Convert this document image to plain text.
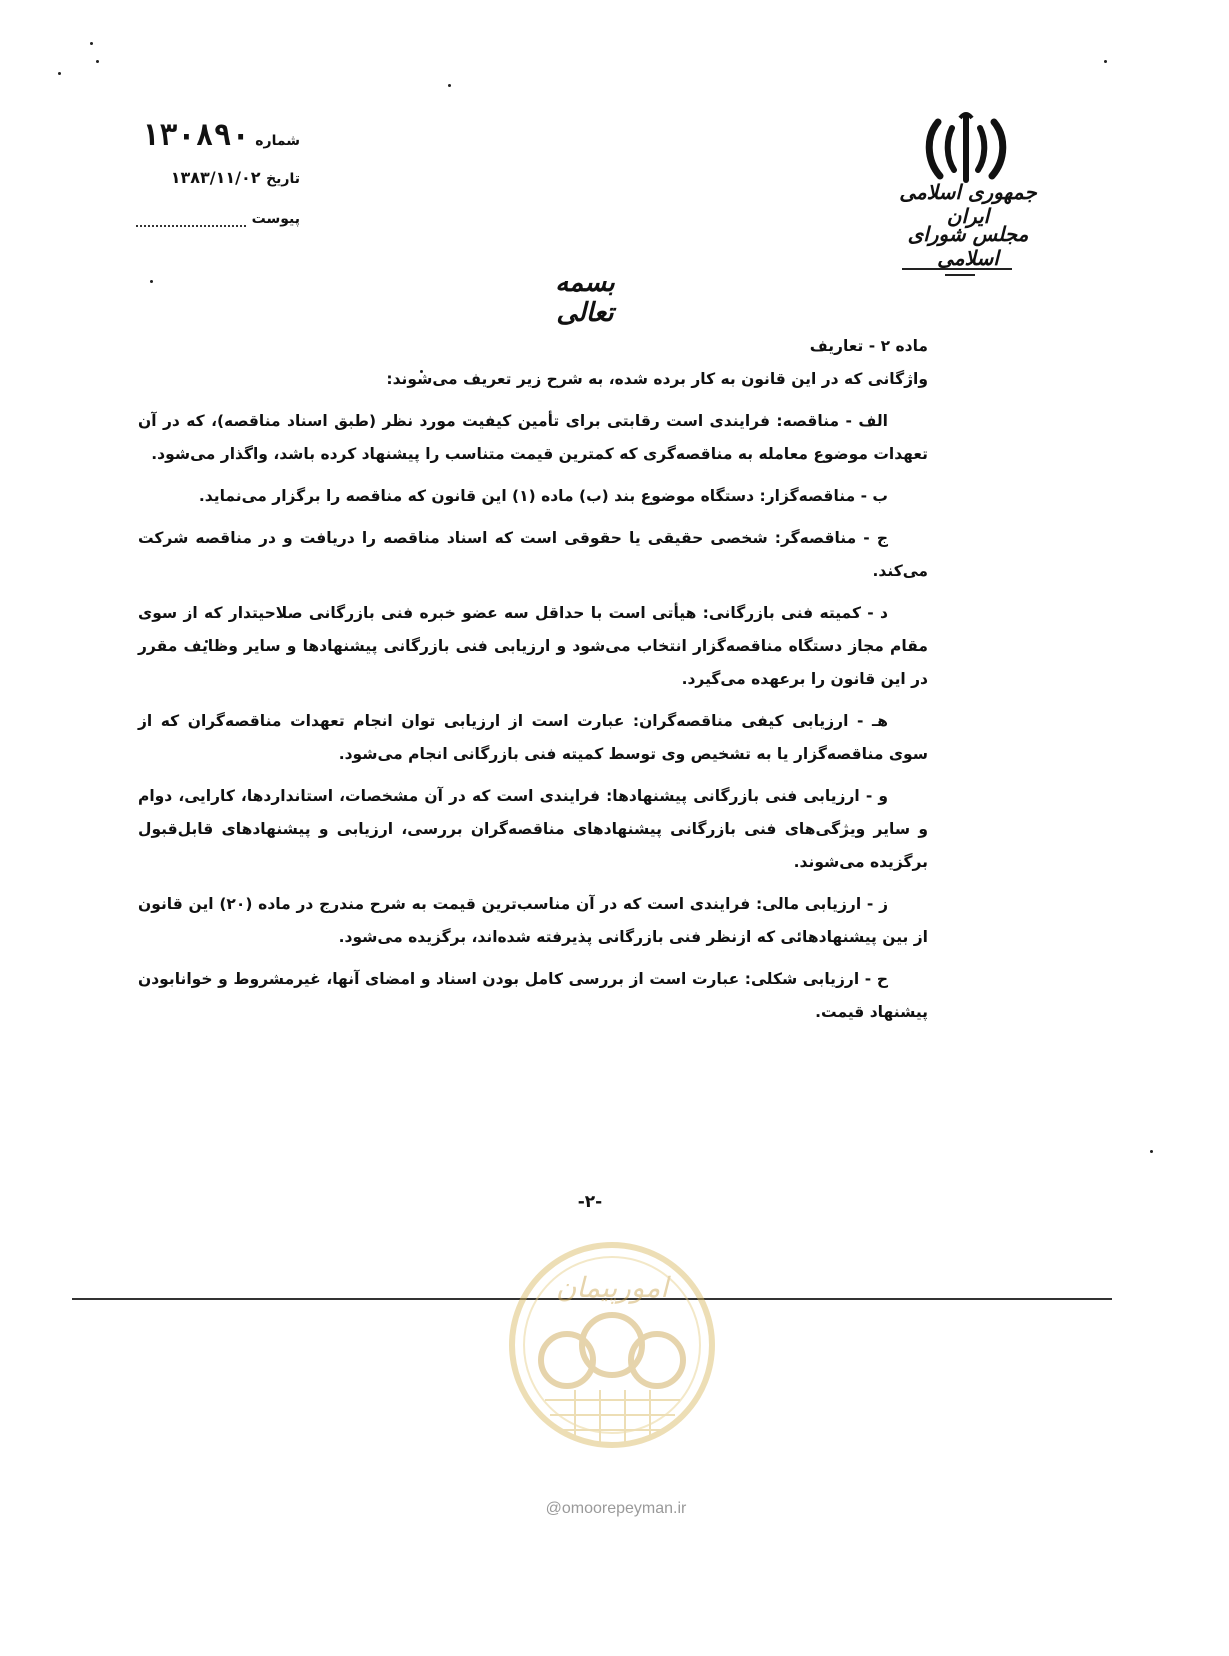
جمهوری اسلامی ایران
مجلس شورای اسلامی
شماره ۱۳۰۸۹۰
تاریخ ۱۳۸۳/۱۱/۰۲
پیوست
بسمه تعالی

ماده ۲ - تعاریف

واژگانی که در این قانون به کار برده شده، به شرح زیر تعریف می‌شوند:

الف - مناقصه: فرایندی است رقابتی برای تأمین کیفیت مورد نظر (طبق اسناد مناقصه)، که در آن تعهدات موضوع معامله به مناقصه‌گری که کمترین قیمت متناسب را پیشنهاد کرده باشد، واگذار می‌شود.

ب - مناقصه‌گزار: دستگاه موضوع بند (ب) ماده (۱) این قانون که مناقصه را برگزار می‌نماید.

ج - مناقصه‌گر: شخصی حقیقی یا حقوقی است که اسناد مناقصه را دریافت و در مناقصه شرکت می‌کند.

د - کمیته فنی بازرگانی: هیأتی است با حداقل سه عضو خبره فنی بازرگانی صلاحیتدار که از سوی مقام مجاز دستگاه مناقصه‌گزار انتخاب می‌شود و ارزیابی فنی بازرگانی پیشنهادها و سایر وظایف مقرر در این قانون را برعهده می‌گیرد.

هـ - ارزیابی کیفی مناقصه‌گران: عبارت است از ارزیابی توان انجام تعهدات مناقصه‌گران که از سوی مناقصه‌گزار یا به تشخیص وی توسط کمیته فنی بازرگانی انجام می‌شود.

و - ارزیابی فنی بازرگانی پیشنهادها: فرایندی است که در آن مشخصات، استانداردها، کارایی، دوام و سایر ویژگی‌های فنی بازرگانی پیشنهادهای مناقصه‌گران بررسی، ارزیابی و پیشنهادهای قابل‌قبول برگزیده می‌شوند.

ز - ارزیابی مالی: فرایندی است که در آن مناسب‌ترین قیمت به شرح مندرج در ماده (۲۰) این قانون از بین پیشنهادهائی که ازنظر فنی بازرگانی پذیرفته شده‌اند، برگزیده می‌شود.

ح - ارزیابی شکلی: عبارت است از بررسی کامل بودن اسناد و امضای آنها، غیرمشروط و خوانابودن پیشنهاد قیمت.

-۲-
امورپیمان
@omoorepeyman.ir
